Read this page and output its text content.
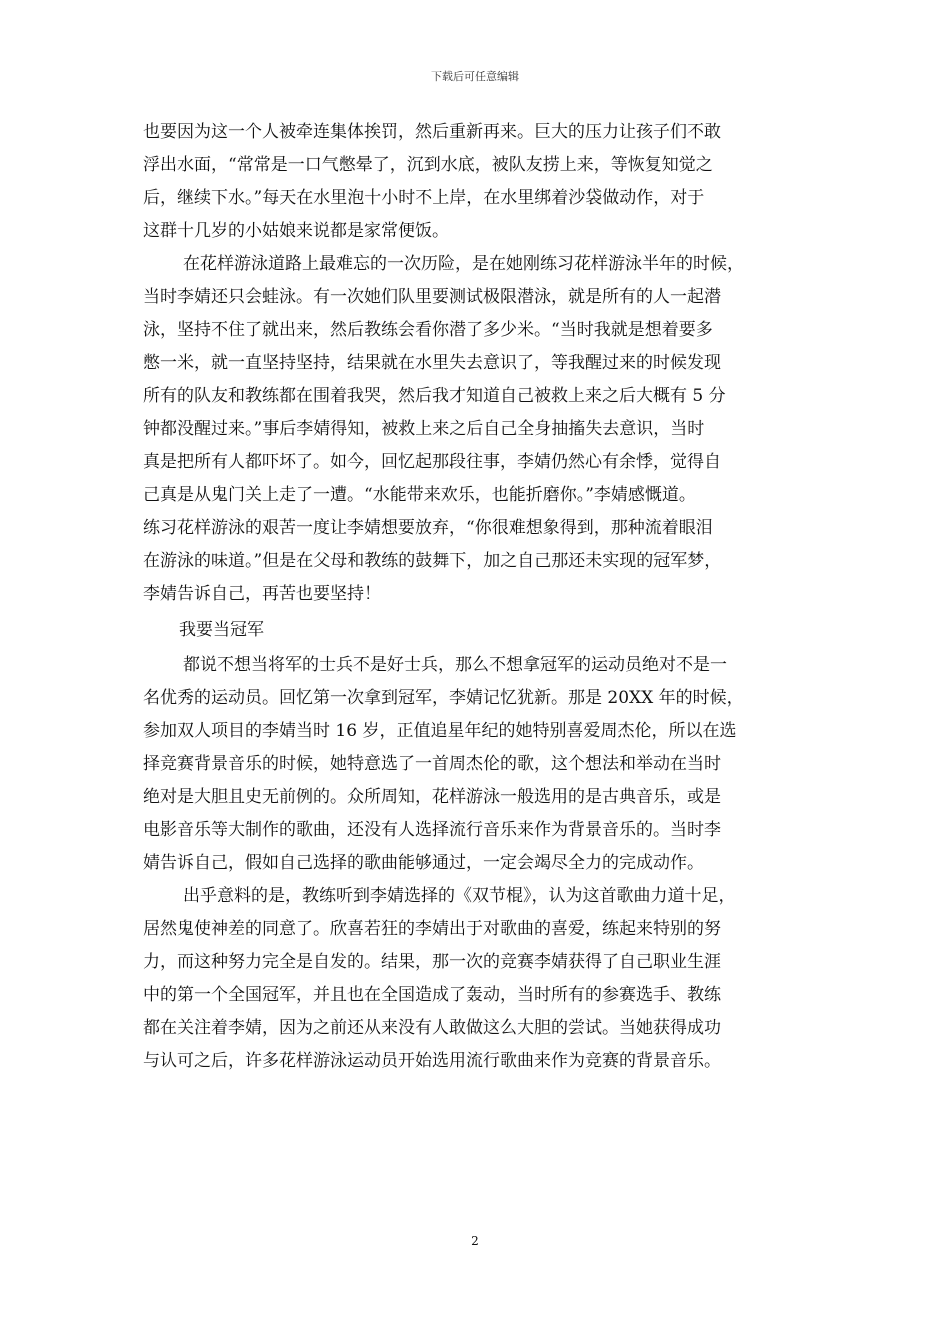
下载后可任意编辑
也要因为这一个人被牵连集体挨罚，然后重新再来。巨大的压力让孩子们不敢
浮出水面，“常常是一口气憋晕了，沉到水底，被队友捞上来，等恢复知觉之
后，继续下水。”每天在水里泡十小时不上岸，在水里绑着沙袋做动作，对于
这群十几岁的小姑娘来说都是家常便饭。
在花样游泳道路上最难忘的一次历险，是在她刚练习花样游泳半年的时候，
当时李婧还只会蛙泳。有一次她们队里要测试极限潜泳，就是所有的人一起潜
泳，坚持不住了就出来，然后教练会看你潜了多少米。“当时我就是想着要多
憋一米，就一直坚持坚持，结果就在水里失去意识了，等我醒过来的时候发现
所有的队友和教练都在围着我哭，然后我才知道自己被救上来之后大概有 5 分
钟都没醒过来。”事后李婧得知，被救上来之后自己全身抽搐失去意识，当时
真是把所有人都吓坏了。如今，回忆起那段往事，李婧仍然心有余悸，觉得自
己真是从鬼门关上走了一遭。“水能带来欢乐，也能折磨你。”李婧感慨道。
练习花样游泳的艰苦一度让李婧想要放弃，“你很难想象得到，那种流着眼泪
在游泳的味道。”但是在父母和教练的鼓舞下，加之自己那还未实现的冠军梦，
李婧告诉自己，再苦也要坚持！
我要当冠军
都说不想当将军的士兵不是好士兵，那么不想拿冠军的运动员绝对不是一
名优秀的运动员。回忆第一次拿到冠军，李婧记忆犹新。那是 20XX 年的时候，
参加双人项目的李婧当时 16 岁，正值追星年纪的她特别喜爱周杰伦，所以在选
择竞赛背景音乐的时候，她特意选了一首周杰伦的歌，这个想法和举动在当时
绝对是大胆且史无前例的。众所周知，花样游泳一般选用的是古典音乐，或是
电影音乐等大制作的歌曲，还没有人选择流行音乐来作为背景音乐的。当时李
婧告诉自己，假如自己选择的歌曲能够通过，一定会竭尽全力的完成动作。
出乎意料的是，教练听到李婧选择的《双节棍》，认为这首歌曲力道十足，
居然鬼使神差的同意了。欣喜若狂的李婧出于对歌曲的喜爱，练起来特别的努
力，而这种努力完全是自发的。结果，那一次的竞赛李婧获得了自己职业生涯
中的第一个全国冠军，并且也在全国造成了轰动，当时所有的参赛选手、教练
都在关注着李婧，因为之前还从来没有人敢做这么大胆的尝试。当她获得成功
与认可之后，许多花样游泳运动员开始选用流行歌曲来作为竞赛的背景音乐。
2
